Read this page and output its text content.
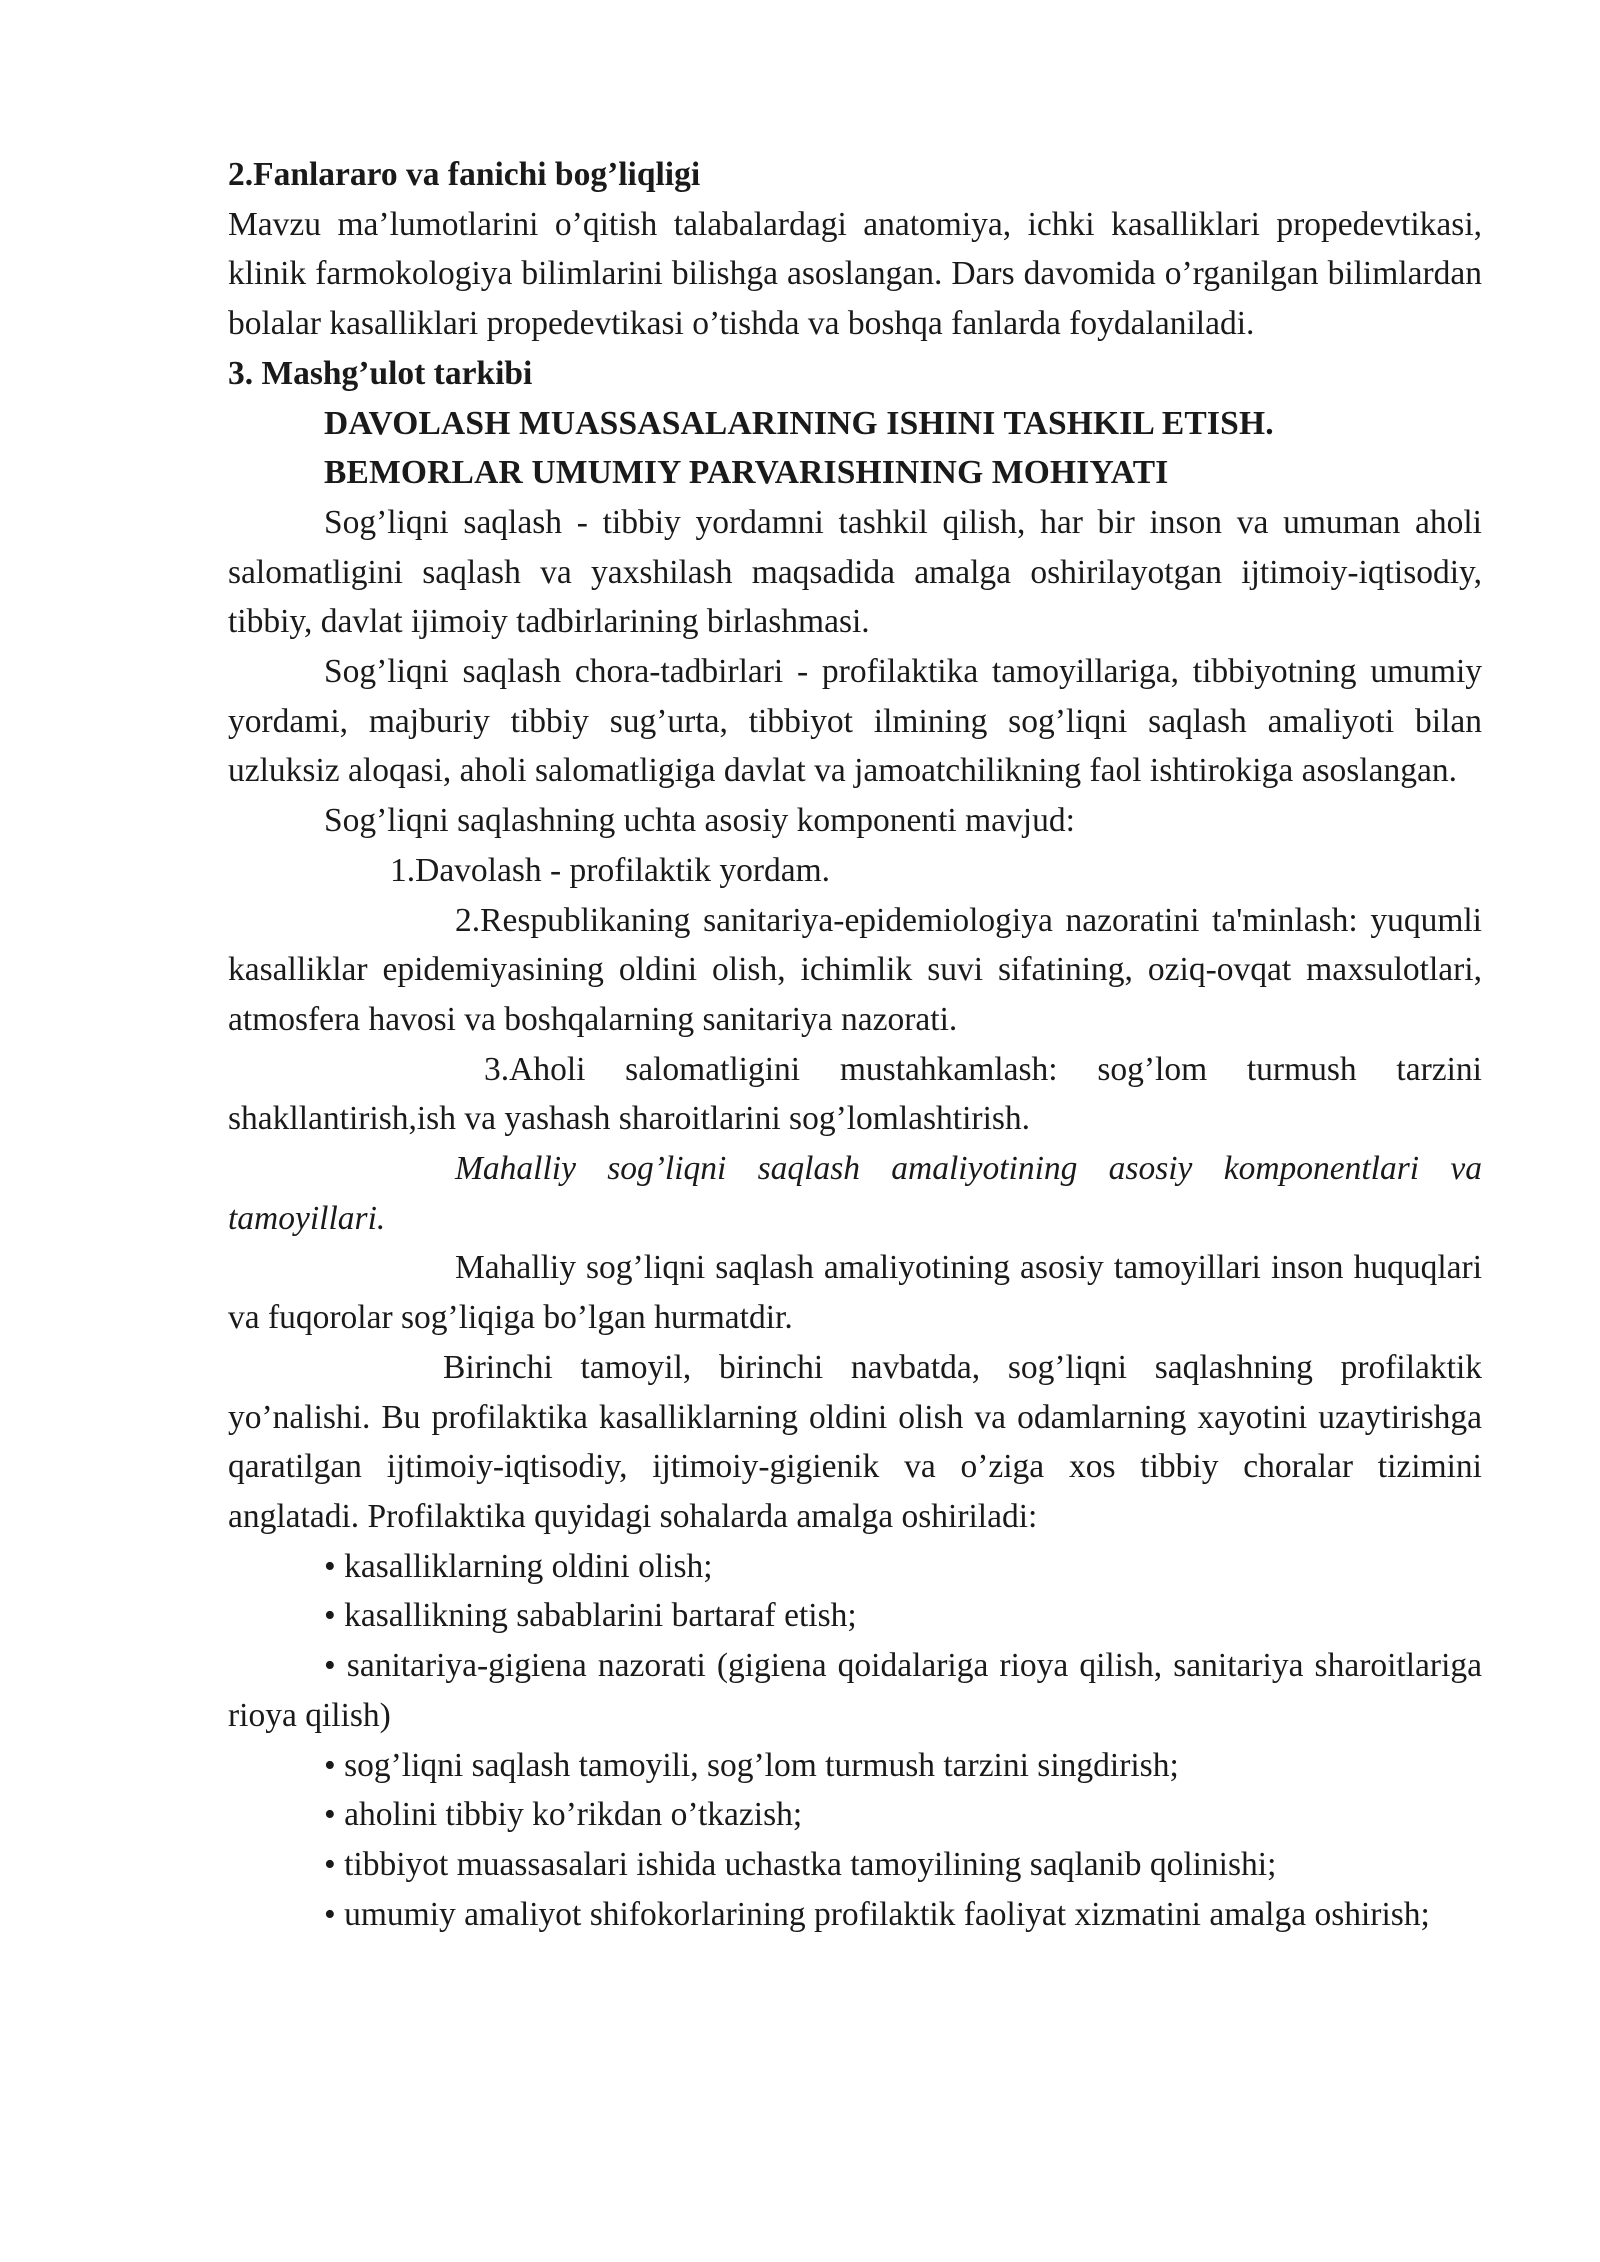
2.Fanlararo va fanichi bog’liqligi

Mavzu ma’lumotlarini o’qitish talabalardagi anatomiya, ichki kasalliklari propedevtikasi, klinik farmokologiya bilimlarini bilishga asoslangan. Dars davomida o’rganilgan bilimlardan bolalar kasalliklari propedevtikasi o’tishda va boshqa fanlarda foydalaniladi.

3. Mashg’ulot tarkibi

DAVOLASH MUASSASALARINING ISHINI TASHKIL ETISH.

BEMORLAR UMUMIY PARVARISHINING MOHIYATI

Sog’liqni saqlash - tibbiy yordamni tashkil qilish, har bir inson va umuman aholi salomatligini saqlash va yaxshilash maqsadida amalga oshirilayotgan ijtimoiy-iqtisodiy, tibbiy, davlat ijimoiy tadbirlarining birlashmasi.

Sog’liqni saqlash chora-tadbirlari - profilaktika tamoyillariga, tibbiyotning umumiy yordami, majburiy tibbiy sug’urta, tibbiyot ilmining sog’liqni saqlash amaliyoti bilan uzluksiz aloqasi, aholi salomatligiga davlat va jamoatchilikning faol ishtirokiga asoslangan.

Sog’liqni saqlashning uchta asosiy komponenti mavjud:

1.Davolash - profilaktik yordam.

2.Respublikaning sanitariya-epidemiologiya nazoratini ta'minlash: yuqumli kasalliklar epidemiyasining oldini olish, ichimlik suvi sifatining, oziq-ovqat maxsulotlari, atmosfera havosi va boshqalarning sanitariya nazorati.

3.Aholi salomatligini mustahkamlash: sog’lom turmush tarzini shakllantirish,ish va yashash sharoitlarini sog’lomlashtirish.

Mahalliy sog’liqni saqlash amaliyotining asosiy komponentlari va tamoyillari.

Mahalliy sog’liqni saqlash amaliyotining asosiy tamoyillari inson huquqlari va fuqorolar sog’liqiga bo’lgan hurmatdir.

Birinchi tamoyil, birinchi navbatda, sog’liqni saqlashning profilaktik yo’nalishi. Bu profilaktika kasalliklarning oldini olish va odamlarning xayotini uzaytirishga qaratilgan ijtimoiy-iqtisodiy, ijtimoiy-gigienik va o’ziga xos tibbiy choralar tizimini anglatadi. Profilaktika quyidagi sohalarda amalga oshiriladi:

• kasalliklarning oldini olish;

• kasallikning sabablarini bartaraf etish;

• sanitariya-gigiena nazorati (gigiena qoidalariga rioya qilish, sanitariya sharoitlariga rioya qilish)

• sog’liqni saqlash tamoyili, sog’lom turmush tarzini singdirish;

• aholini tibbiy ko’rikdan o’tkazish;

• tibbiyot muassasalari ishida uchastka tamoyilining saqlanib qolinishi;

• umumiy amaliyot shifokorlarining profilaktik faoliyat xizmatini amalga oshirish;
